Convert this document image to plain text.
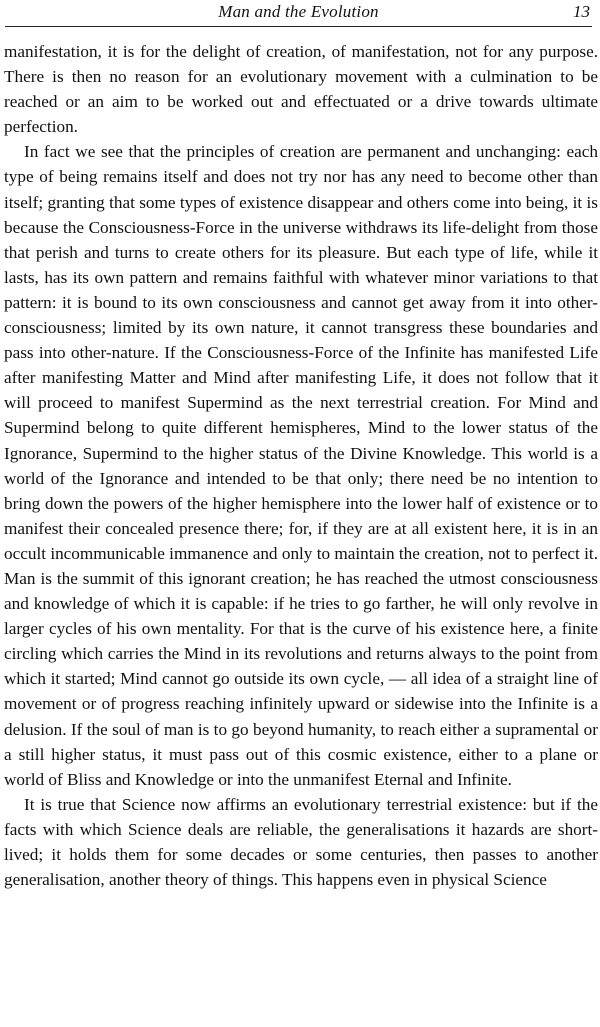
Man and the Evolution	13

manifestation, it is for the delight of creation, of manifestation, not for any purpose. There is then no reason for an evolutionary movement with a culmination to be reached or an aim to be worked out and effectuated or a drive towards ultimate perfection.

In fact we see that the principles of creation are permanent and unchanging: each type of being remains itself and does not try nor has any need to become other than itself; granting that some types of existence disappear and others come into being, it is because the Consciousness-Force in the universe withdraws its life-delight from those that perish and turns to create others for its pleasure. But each type of life, while it lasts, has its own pattern and remains faithful with whatever minor variations to that pattern: it is bound to its own consciousness and cannot get away from it into other-consciousness; limited by its own nature, it cannot transgress these boundaries and pass into other-nature. If the Consciousness-Force of the Infinite has manifested Life after manifesting Matter and Mind after manifesting Life, it does not follow that it will proceed to manifest Supermind as the next terrestrial creation. For Mind and Supermind belong to quite different hemispheres, Mind to the lower status of the Ignorance, Supermind to the higher status of the Divine Knowledge. This world is a world of the Ignorance and intended to be that only; there need be no intention to bring down the powers of the higher hemisphere into the lower half of existence or to manifest their concealed presence there; for, if they are at all existent here, it is in an occult incommunicable immanence and only to maintain the creation, not to perfect it. Man is the summit of this ignorant creation; he has reached the utmost consciousness and knowledge of which it is capable: if he tries to go farther, he will only revolve in larger cycles of his own mentality. For that is the curve of his existence here, a finite circling which carries the Mind in its revolutions and returns always to the point from which it started; Mind cannot go outside its own cycle, — all idea of a straight line of movement or of progress reaching infinitely upward or sidewise into the Infinite is a delusion. If the soul of man is to go beyond humanity, to reach either a supramental or a still higher status, it must pass out of this cosmic existence, either to a plane or world of Bliss and Knowledge or into the unmanifest Eternal and Infinite.

It is true that Science now affirms an evolutionary terrestrial existence: but if the facts with which Science deals are reliable, the generalisations it hazards are short-lived; it holds them for some decades or some centuries, then passes to another generalisation, another theory of things. This happens even in physical Science
